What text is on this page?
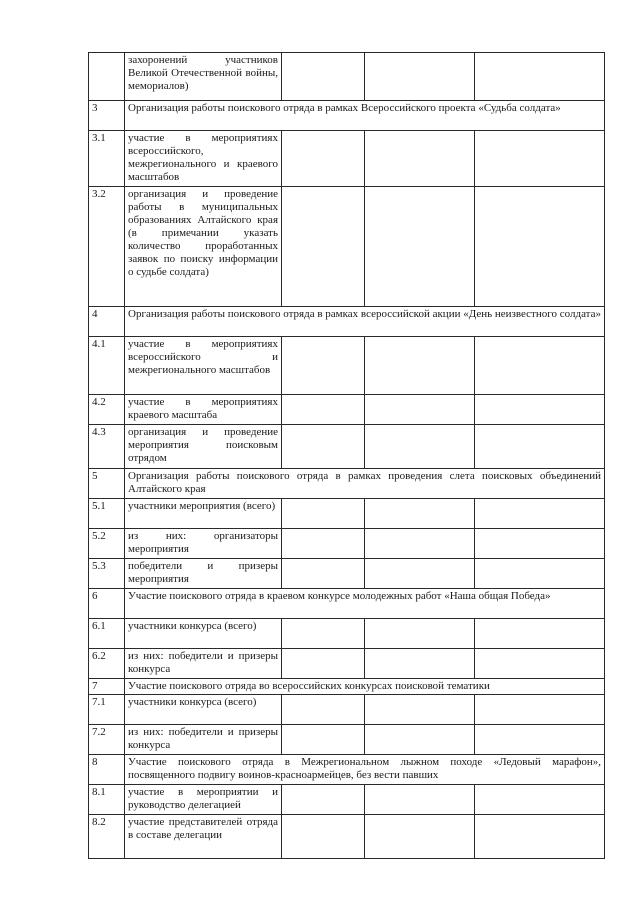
	захоронений участников Великой Отечественной войны, мемориалов)			
3	Организация работы поискового отряда в рамках Всероссийского проекта «Судьба солдата»			
3.1	участие в мероприятиях всероссийского, межрегионального и краевого масштабов			
3.2	организация и проведение работы в муниципальных образованиях Алтайского края (в примечании указать количество проработанных заявок по поиску информации о судьбе солдата)			
4	Организация работы поискового отряда в рамках всероссийской акции «День неизвестного солдата»			
4.1	участие в мероприятиях всероссийского и межрегионального масштабов			
4.2	участие в мероприятиях краевого масштаба			
4.3	организация и проведение мероприятия поисковым отрядом			
5	Организация работы поискового отряда в рамках проведения слета поисковых объединений Алтайского края			
5.1	участники мероприятия (всего)			
5.2	из них: организаторы мероприятия			
5.3	победители и призеры мероприятия			
6	Участие поискового отряда в краевом конкурсе молодежных работ «Наша общая Победа»			
6.1	участники конкурса (всего)			
6.2	из них: победители и призеры конкурса			
7	Участие поискового отряда во всероссийских конкурсах поисковой тематики			
7.1	участники конкурса (всего)			
7.2	из них: победители и призеры конкурса			
8	Участие поискового отряда в Межрегиональном лыжном походе «Ледовый марафон», посвященного подвигу воинов-красноармейцев, без вести павших			
8.1	участие в мероприятии и руководство делегацией			
8.2	участие представителей отряда в составе делегации			
